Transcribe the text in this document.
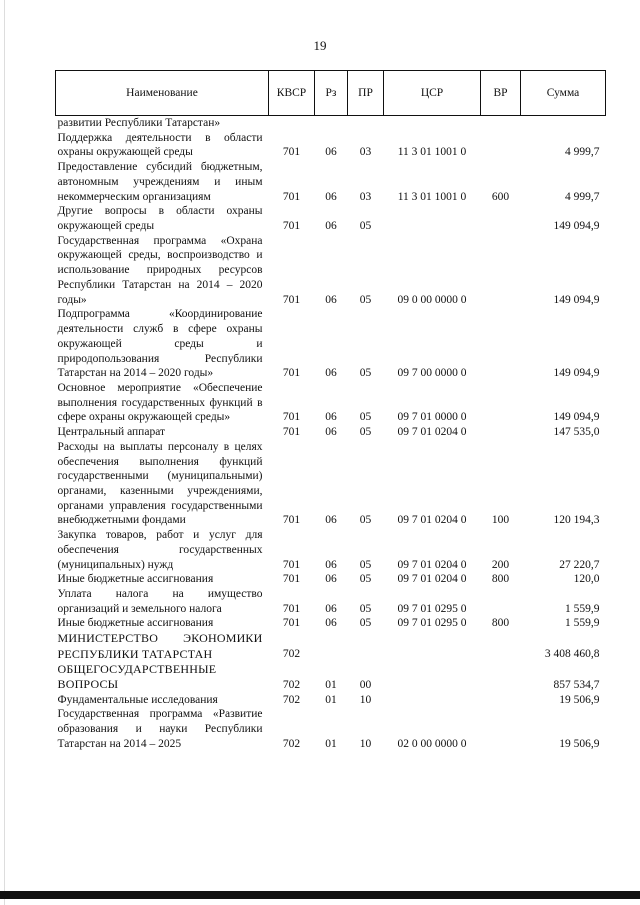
19
Наименование	КВСР	Рз	ПР	ЦСР	ВР	Сумма
развитии Республики Татарстан»						
Поддержка деятельности в области охраны окружающей среды	701	06	03	11 3 01 1001 0		4 999,7
Предоставление субсидий бюджетным, автономным учреждениям и иным некоммерческим организациям	701	06	03	11 3 01 1001 0	600	4 999,7
Другие вопросы в области охраны окружающей среды	701	06	05			149 094,9
Государственная программа «Охрана окружающей среды, воспроизводство и использование природных ресурсов Республики Татарстан на 2014 – 2020 годы»	701	06	05	09 0 00 0000 0		149 094,9
Подпрограмма «Координирование деятельности служб в сфере охраны окружающей среды и природопользования Республики Татарстан на 2014 – 2020 годы»	701	06	05	09 7 00 0000 0		149 094,9
Основное мероприятие «Обеспечение выполнения государственных функций в сфере охраны окружающей среды»	701	06	05	09 7 01 0000 0		149 094,9
Центральный аппарат	701	06	05	09 7 01 0204 0		147 535,0
Расходы на выплаты персоналу в целях обеспечения выполнения функций государственными (муниципальными) органами, казенными учреждениями, органами управления государственными внебюджетными фондами	701	06	05	09 7 01 0204 0	100	120 194,3
Закупка товаров, работ и услуг для обеспечения государственных (муниципальных) нужд	701	06	05	09 7 01 0204 0	200	27 220,7
Иные бюджетные ассигнования	701	06	05	09 7 01 0204 0	800	120,0
Уплата налога на имущество организаций и земельного налога	701	06	05	09 7 01 0295 0		1 559,9
Иные бюджетные ассигнования	701	06	05	09 7 01 0295 0	800	1 559,9
МИНИСТЕРСТВО ЭКОНОМИКИ РЕСПУБЛИКИ ТАТАРСТАН	702					3 408 460,8
ОБЩЕГОСУДАРСТВЕННЫЕ ВОПРОСЫ	702	01	00			857 534,7
Фундаментальные исследования	702	01	10			19 506,9
Государственная программа «Развитие образования и науки Республики Татарстан на 2014 – 2025	702	01	10	02 0 00 0000 0		19 506,9
